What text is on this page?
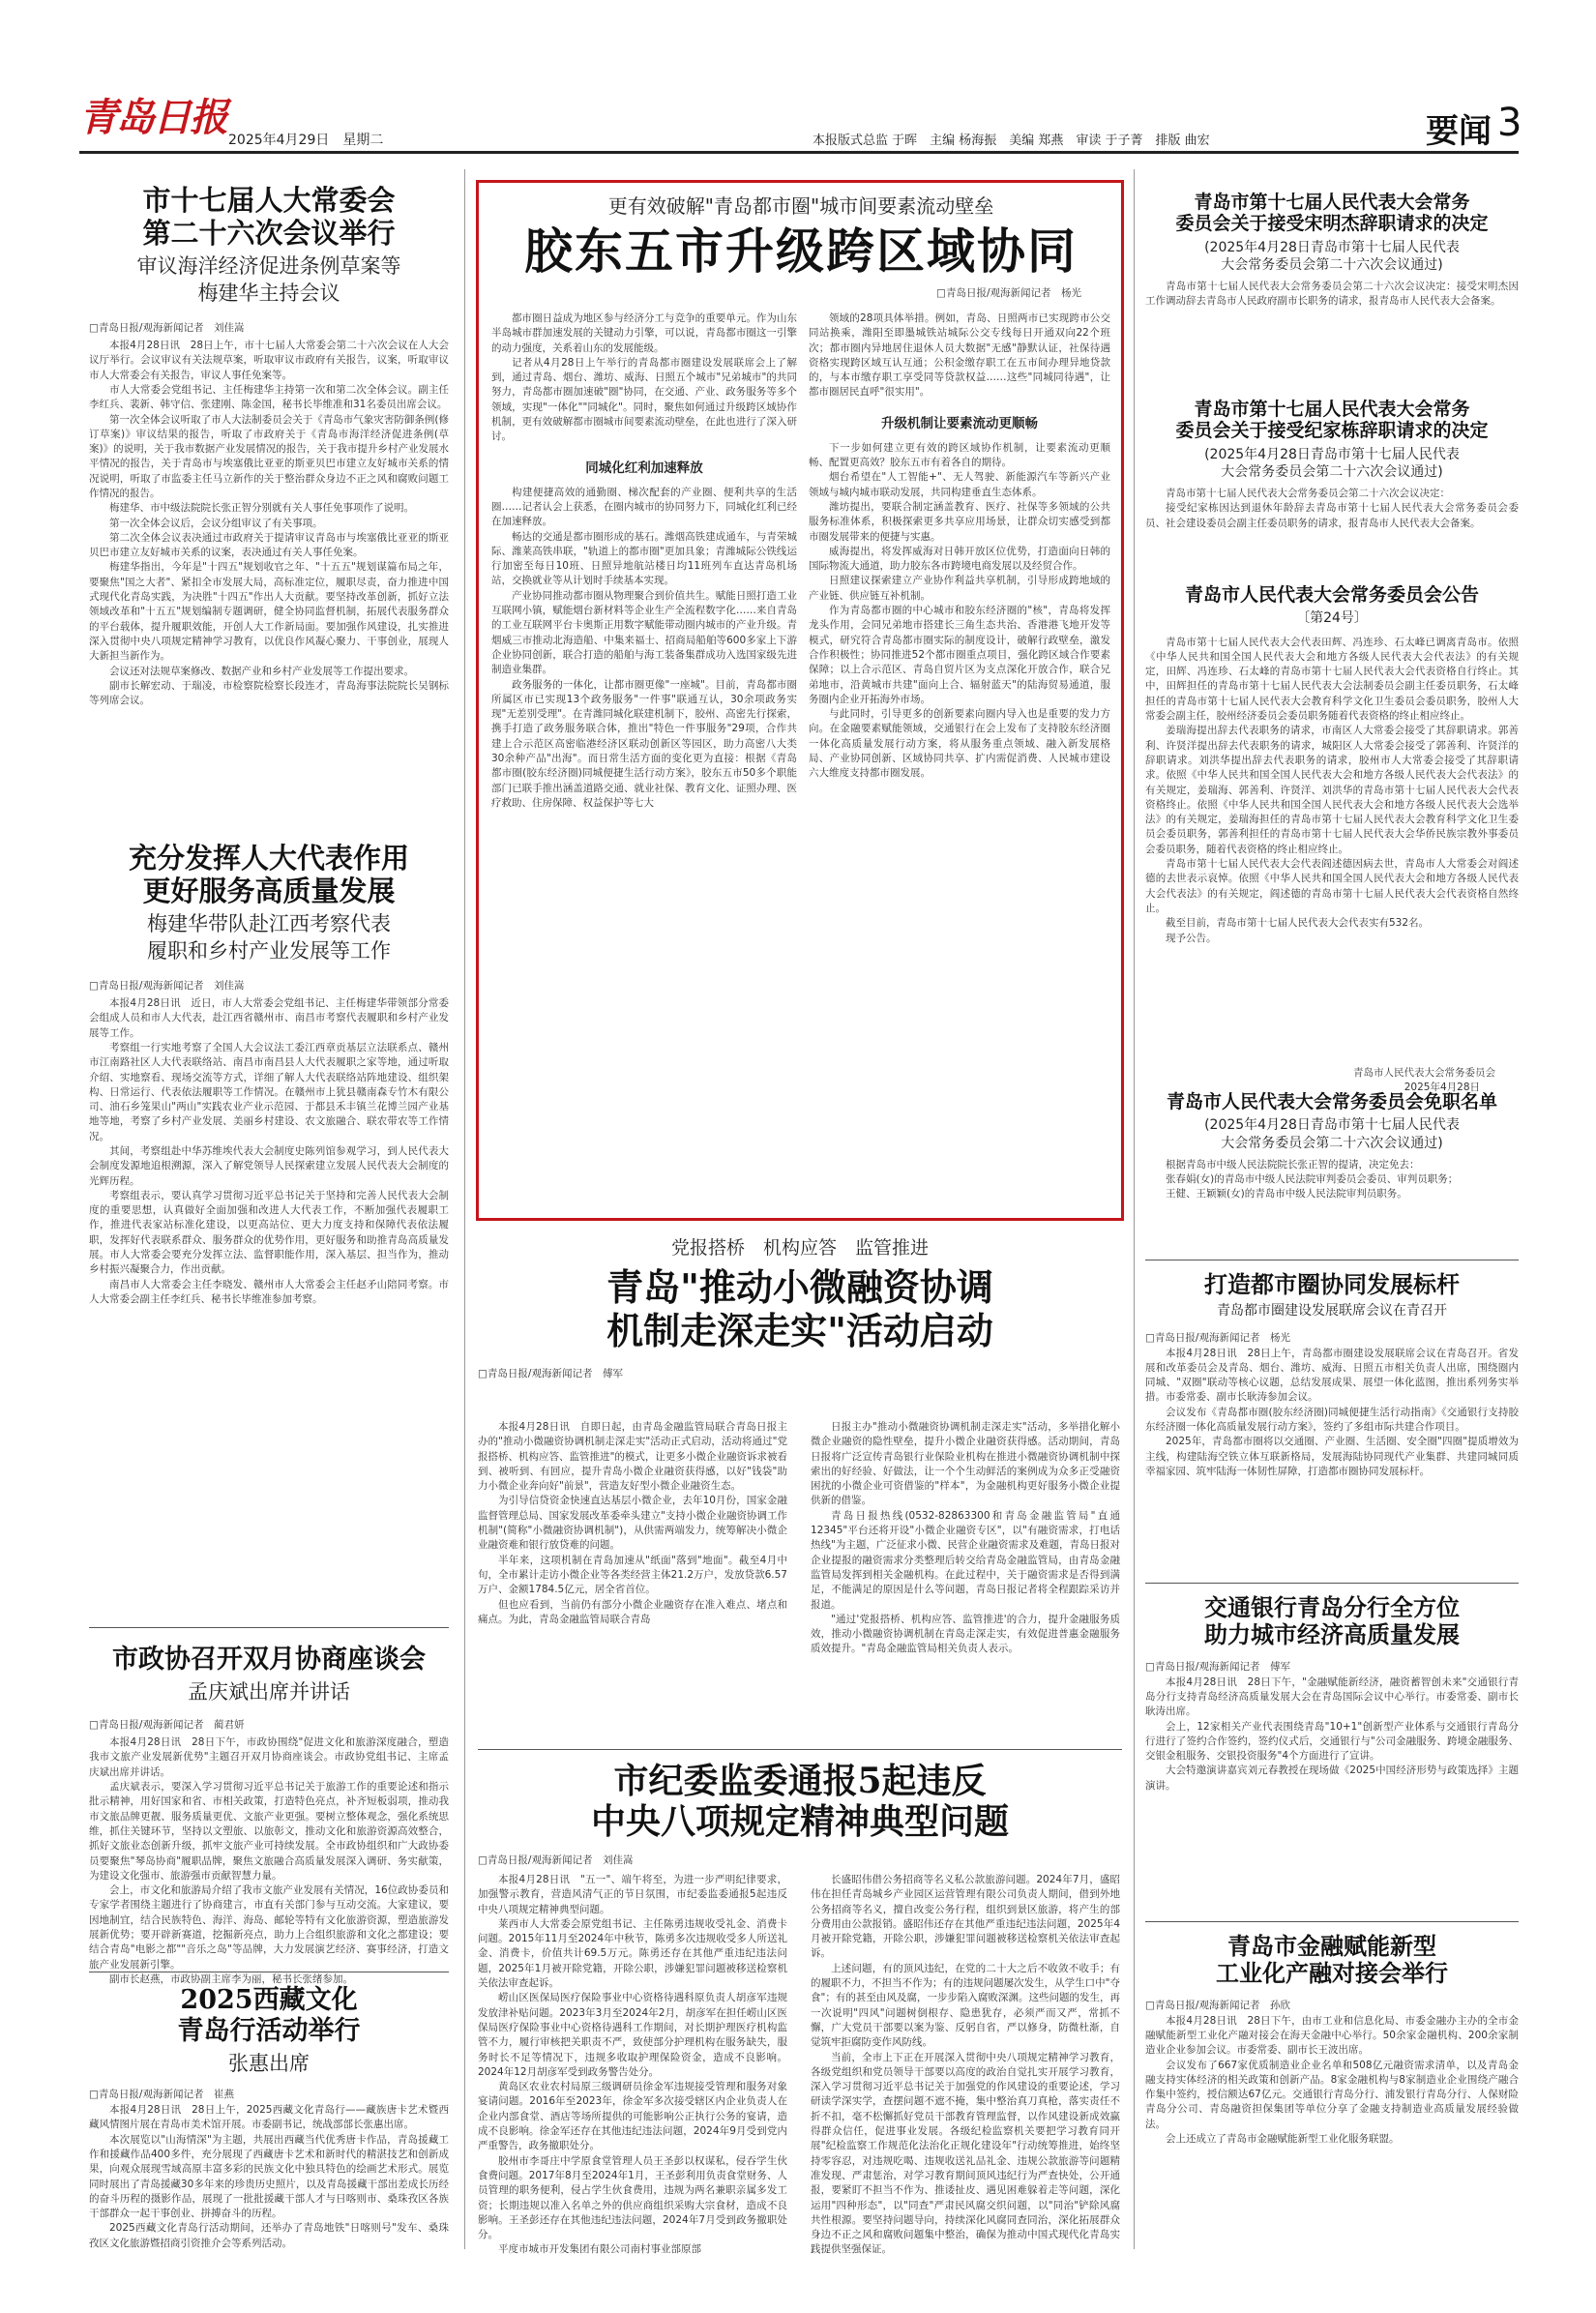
青岛日报 2025年4月29日　星期二	本报版式总监 于晖　主编 杨海振　美编 郑燕　审读 于子菁　排版 曲宏	要闻 3
市十七届人大常委会
第二十六次会议举行
审议海洋经济促进条例草案等
梅建华主持会议
□青岛日报/观海新闻记者　刘佳嵩

本报4月28日讯　28日上午，市十七届人大常委会第二十六次会议在人大会议厅举行。会议审议有关法规草案，听取审议市政府有关报告，议案，听取审议市人大常委会有关报告，审议人事任免案等。

市人大常委会党组书记、主任梅建华主持第一次和第二次全体会议。副主任李红兵、裴新、韩守信、张建刚、陈金国，秘书长毕维准和31名委员出席会议。

第一次全体会议听取了市人大法制委员会关于《青岛市气象灾害防御条例(修订草案)》审议结果的报告，听取了市政府关于《青岛市海洋经济促进条例(草案)》的说明，关于我市数据产业发展情况的报告，关于我市提升乡村产业发展水平情况的报告，关于青岛市与埃塞俄比亚亚的斯亚贝巴市建立友好城市关系的情况说明，听取了市监委主任马立新作的关于整治群众身边不正之风和腐败问题工作情况的报告。

梅建华、市中级法院院长张正智分别就有关人事任免事项作了说明。

第一次全体会议后，会议分组审议了有关事项。

第二次全体会议表决通过市政府关于提请审议青岛市与埃塞俄比亚亚的斯亚贝巴市建立友好城市关系的议案，表决通过有关人事任免案。

梅建华指出，今年是"十四五"规划收官之年、"十五五"规划谋篇布局之年，要聚焦"国之大者"、紧扣全市发展大局，高标准定位，履职尽责，奋力推进中国式现代化青岛实践，为决胜"十四五"作出人大贡献。要坚持改革创新，抓好立法领域改革和"十五五"规划编制专题调研，健全协同监督机制，拓展代表服务群众的平台载体，提升履职效能，开创人大工作新局面。要加强作风建设，扎实推进深入贯彻中央八项规定精神学习教育，以优良作风凝心聚力、干事创业，展现人大新担当新作为。

会议还对法规草案修改、数据产业和乡村产业发展等工作提出要求。

副市长解宏动、于瑞凌，市检察院检察长段连才，青岛海事法院院长吴钢标等列席会议。

充分发挥人大代表作用
更好服务高质量发展
梅建华带队赴江西考察代表
履职和乡村产业发展等工作
□青岛日报/观海新闻记者　刘佳嵩

本报4月28日讯　近日，市人大常委会党组书记、主任梅建华带领部分常委会组成人员和市人大代表，赴江西省赣州市、南昌市考察代表履职和乡村产业发展等工作。

考察组一行实地考察了全国人大会议法工委江西章贡基层立法联系点、赣州市江南路社区人大代表联络站、南昌市南昌县人大代表履职之家等地，通过听取介绍、实地察看、现场交流等方式，详细了解人大代表联络站阵地建设、组织架构、日常运行、代表依法履职等工作情况。在赣州市上犹县赣南森专竹木有限公司、油石乡笼果山"两山"实践农业产业示范园、于都县禾丰镇兰花博兰园产业基地等地，考察了乡村产业发展、美丽乡村建设、农文旅融合、联农带农等工作情况。

其间，考察组赴中华苏维埃代表大会制度史陈列馆参观学习，到人民代表大会制度发源地追根溯源，深入了解党领导人民探索建立发展人民代表大会制度的光辉历程。

考察组表示，要认真学习贯彻习近平总书记关于坚持和完善人民代表大会制度的重要思想，认真做好全面加强和改进人大代表工作，不断加强代表履职工作，推进代表家站标准化建设，以更高站位、更大力度支持和保障代表依法履职，发挥好代表联系群众、服务群众的优势作用，更好服务和助推青岛高质量发展。市人大常委会要充分发挥立法、监督职能作用，深入基层、担当作为，推动乡村振兴凝聚合力，作出贡献。

南昌市人大常委会主任李晓发、赣州市人大常委会主任赵矛山陪同考察。市人大常委会副主任李红兵、秘书长毕维准参加考察。

市政协召开双月协商座谈会
孟庆斌出席并讲话
□青岛日报/观海新闻记者　蔺君妍

本报4月28日讯　28日下午，市政协围绕"促进文化和旅游深度融合，塑造我市文旅产业发展新优势"主题召开双月协商座谈会。市政协党组书记、主席孟庆斌出席并讲话。

孟庆斌表示，要深入学习贯彻习近平总书记关于旅游工作的重要论述和指示批示精神，用好国家和省、市相关政策，打造特色亮点，补齐短板弱项，推动我市文旅品牌更靓、服务质量更优、文旅产业更强。要树立整体观念，强化系统思维，抓住关键环节，坚持以文塑旅、以旅彰文，推动文化和旅游资源高效整合，抓好文旅业态创新升级，抓牢文旅产业可持续发展。全市政协组织和广大政协委员要聚焦"琴岛协商"履职品牌，聚焦文旅融合高质量发展深入调研、务实献策，为建设文化强市、旅游强市贡献智慧力量。

会上，市文化和旅游局介绍了我市文旅产业发展有关情况，16位政协委员和专家学者围绕主题进行了协商建言，市直有关部门参与互动交流。大家建议，要因地制宜，结合民族特色、海洋、海岛、邮轮等特有文化旅游资源，塑造旅游发展新优势；要开辟新赛道，挖掘新亮点，助力上合组织旅游和文化之都建设；要结合青岛"电影之都""音乐之岛"等品牌，大力发展演艺经济、赛事经济，打造文旅产业发展新引擎。

副市长赵燕，市政协副主席李为丽，秘书长张绪参加。

2025西藏文化
青岛行活动举行
张惠出席
□青岛日报/观海新闻记者　崔燕

本报4月28日讯　28日上午，2025西藏文化青岛行——藏族唐卡艺术暨西藏风情图片展在青岛市美术馆开展。市委副书记，统战部部长张惠出席。

本次展览以"山海情深"为主题，共展出西藏当代优秀唐卡作品，青岛援藏工作和援藏作品400多件，充分展现了西藏唐卡艺术和新时代的精湛技艺和创新成果，向观众展现雪域高原丰富多彩的民族文化中独具特色的绘画艺术形式。展览同时展出了青岛援藏30多年来的珍贵历史照片，以及青岛援藏干部出差成长历经的奋斗历程的摄影作品，展现了一批批援藏干部人才与日喀则市、桑珠孜区各族干部群众一起干事创业、拼搏奋斗的历程。

2025西藏文化青岛行活动期间，还举办了青岛地铁"日喀则号"发车、桑珠孜区文化旅游暨招商引资推介会等系列活动。

更有效破解"青岛都市圈"城市间要素流动壁垒
胶东五市升级跨区域协同
□青岛日报/观海新闻记者　杨光

都市圈日益成为地区参与经济分工与竞争的重要单元。作为山东半岛城市群加速发展的关键动力引擎，可以说，青岛都市圈这一引擎的动力强度，关系着山东的发展能级。

记者从4月28日上午举行的青岛都市圈建设发展联席会上了解到，通过青岛、烟台、潍坊、威海、日照五个城市"兄弟城市"的共同努力，青岛都市圈加速破"圈"协同，在交通、产业、政务服务等多个领域，实现"一体化""同城化"。同时，聚焦如何通过升级跨区域协作机制，更有效破解都市圈城市间要素流动壁垒，在此也进行了深入研讨。

同城化红利加速释放

构建便捷高效的通勤圈、梯次配套的产业圈、便利共享的生活圈……记者认会上获悉，在圈内城市的协同努力下，同城化红利已经在加速释放。

畅达的交通是都市圈形成的基石。潍烟高铁建成通车，与青荣城际、潍莱高铁串联，"轨道上的都市圈"更加具象；青潍城际公铁线运行加密至每日10班、日照异地航站楼日均11班列车直达青岛机场站，交换就业等从计划时手续基本实现。

产业协同推动都市圈从物理聚合到价值共生。赋能日照打造工业互联网小镇，赋能烟台新材料等企业生产全流程数字化……来自青岛的工业互联网平台卡奥斯正用数字赋能带动圈内城市的产业升级。青烟威三市推动北海造船、中集来福士、招商局船舶等600多家上下游企业协同创新，联合打造的船舶与海工装备集群成功入选国家级先进制造业集群。

政务服务的一体化，让都市圈更像"一座城"。目前，青岛都市圈所属区市已实现13个政务服务"一件事"联通互认，30余项政务实现"无差别受理"。在青潍同城化联建机制下，胶州、高密先行探索，携手打造了政务服务联合体，推出"特色一件事服务"29项，合作共建上合示范区高密临港经济区联动创新区等园区，助力高密八大类30余种产品"出海"。而日常生活方面的变化更为直接：根据《青岛都市圈(胶东经济圈)同城便捷生活行动方案》，胶东五市50多个职能部门已联手推出涵盖道路交通、就业社保、教育文化、证照办理、医疗救助、住房保障、权益保护等七大

领域的28项具体举措。例如，青岛、日照两市已实现跨市公交同站换乘，潍阳至即墨城铁站城际公交专线每日开通双向22个班次；都市圈内异地居住退休人员大数据"无感"静默认证，社保待遇资格实现跨区域互认互通；公积金缴存职工在五市间办理异地贷款的，与本市缴存职工享受同等贷款权益……这些"同城同待遇"，让都市圈居民直呼"很实用"。

升级机制让要素流动更顺畅

下一步如何建立更有效的跨区域协作机制，让要素流动更顺畅、配置更高效？胶东五市有着各自的期待。

烟台希望在"人工智能+"、无人驾驶、新能源汽车等新兴产业领域与城内城市联动发展，共同构建垂直生态体系。

潍坊提出，要联合制定涵盖教育、医疗、社保等多领域的公共服务标准体系，积极探索更多共享应用场景，让群众切实感受到都市圈发展带来的便捷与实惠。

威海提出，将发挥威海对日韩开放区位优势，打造面向日韩的国际物流大通道，助力胶东各市跨境电商发展以及经贸合作。

日照建议探索建立产业协作利益共享机制，引导形成跨地域的产业链、供应链互补机制。

作为青岛都市圈的中心城市和胶东经济圈的"核"，青岛将发挥龙头作用，会同兄弟地市搭建长三角生态共治、香港港飞地开发等模式，研究符合青岛都市圈实际的制度设计，破解行政壁垒，激发合作积极性；协同推进52个都市圈重点项目，强化跨区域合作要素保障；以上合示范区、青岛自贸片区为支点深化开放合作，联合兄弟地市，沿黄城市共建"面向上合、辐射蓝天"的陆海贸易通道，服务圈内企业开拓海外市场。

与此同时，引导更多的创新要素向圈内导入也是重要的发力方向。在金融要素赋能领域，交通银行在会上发布了支持胶东经济圈一体化高质量发展行动方案，将从服务重点领域、融入新发展格局、产业协同创新、区域协同共享、扩内需促消费、人民城市建设六大维度支持都市圈发展。

党报搭桥　机构应答　监管推进
青岛"推动小微融资协调
机制走深走实"活动启动
□青岛日报/观海新闻记者　傅军

本报4月28日讯　自即日起，由青岛金融监管局联合青岛日报主办的"推动小微融资协调机制走深走实"活动正式启动，活动将通过"党报搭桥、机构应答、监管推进"的模式，让更多小微企业融资诉求被看到、被听到、有回应，提升青岛小微企业融资获得感，以好"钱袋"助力小微企业奔向好"前景"，营造友好型小微企业融资生态。

为引导信贷资金快速直达基层小微企业，去年10月份，国家金融监督管理总局、国家发展改革委牵头建立"支持小微企业融资协调工作机制"(简称"小微融资协调机制")，从供需两端发力，统筹解决小微企业融资难和银行放贷难的问题。

半年来，这项机制在青岛加速从"纸面"落到"地面"。截至4月中旬，全市累计走访小微企业等各类经营主体21.2万户，发放贷款6.57万户、金额1784.5亿元，居全省首位。

但也应看到，当前仍有部分小微企业融资存在准入难点、堵点和痛点。为此，青岛金融监管局联合青岛

日报主办"推动小微融资协调机制走深走实"活动，多举措化解小微企业融资的隐性壁垒，提升小微企业融资获得感。活动期间，青岛日报将广泛宣传青岛银行业保险业机构在推进小微融资协调机制中探索出的好经验、好做法，让一个个生动鲜活的案例成为众多正受融资困扰的小微企业可资借鉴的"样本"，为金融机构更好服务小微企业提供新的借鉴。

青岛日报热线(0532-82863300和青岛金融监管局"直通12345"平台还将开设"小微企业融资专区"，以"有融资需求，打电话热线"为主题，广泛征求小微、民营企业融资需求及难题，青岛日报对企业提报的融资需求分类整理后转交给青岛金融监管局，由青岛金融监管局发挥到相关金融机构。在此过程中，关于融资需求是否得到满足，不能满足的原因是什么等问题，青岛日报记者将全程跟踪采访并报道。

"通过'党报搭桥、机构应答、监管推进'的合力，提升金融服务质效，推动小微融资协调机制在青岛走深走实，有效促进普惠金融服务质效提升。"青岛金融监管局相关负责人表示。

市纪委监委通报5起违反
中央八项规定精神典型问题
□青岛日报/观海新闻记者　刘佳嵩

本报4月28日讯　"五一"、端午将至，为进一步严明纪律要求，加强警示教育，营造风清气正的节日氛围，市纪委监委通报5起违反中央八项规定精神典型问题。

莱西市人大常委会原党组书记、主任陈勇违规收受礼金、消费卡问题。2015年11月至2024年中秋节，陈勇多次违规收受多人所送礼金、消费卡，价值共计69.5万元。陈勇还存在其他严重违纪违法问题，2025年1月被开除党籍，开除公职，涉嫌犯罪问题被移送检察机关依法审查起诉。

崂山区医保局医疗保险事业中心资格待遇科原负责人胡彦军违规发放津补贴问题。2023年3月至2024年2月，胡彦军在担任崂山区医保局医疗保险事业中心资格待遇科工作期间，对长期护理医疗机构监管不力，履行审核把关职责不严，致使部分护理机构在服务缺失，服务时长不足等情况下，违规多收取护理保险资金，造成不良影响。2024年12月胡彦军受到政务警告处分。

黄岛区农业农村局原三级调研员徐金军违规接受管理和服务对象宴请问题。2016年至2023年，徐金军多次接受辖区内企业负责人在企业内部食堂、酒店等场所提供的可能影响公正执行公务的宴请，造成不良影响。徐金军还存在其他违纪违法问题，2024年9月受到党内严重警告，政务撤职处分。

胶州市李哥庄中学原食堂管理人员王圣彭以权谋私，侵吞学生伙食费问题。2017年8月至2024年1月，王圣彭利用负责食堂财务、人员管理的职务便利，侵占学生伙食费用，违规为两名兼职亲属多发工资；长期违规以准入名单之外的供应商组织采购大宗食材，造成不良影响。王圣彭还存在其他违纪违法问题，2024年7月受到政务撤职处分。

平度市城市开发集团有限公司南村事业部原部

长盛昭伟借公务招商等名义私公款旅游问题。2024年7月，盛昭伟在担任青岛城乡产业园区运营管理有限公司负责人期间，借到外地公务招商等名义，擅自改变公务行程，组织到景区旅游，将产生的部分费用由公款报销。盛昭伟还存在其他严重违纪违法问题，2025年4月被开除党籍，开除公职，涉嫌犯罪问题被移送检察机关依法审查起诉。

上述问题，有的顶风违纪，在党的二十大之后不收敛不收手；有的履职不力，不担当不作为；有的违规问题屡次发生，从学生口中"夺食"；有的甚至由风及腐，一步步陷入腐败深渊。这些问题的发生，再一次说明"四风"问题树倒根存、隐患犹存，必须严而又严，常抓不懈，广大党员干部要以案为鉴、反躬自省，严以修身，防微杜渐，自觉筑牢拒腐防变作风防线。

当前，全市上下正在开展深入贯彻中央八项规定精神学习教育，各级党组织和党员领导干部要以高度的政治自觉扎实开展学习教育，深入学习贯彻习近平总书记关于加强党的作风建设的重要论述，学习研读学深实学，查摆问题不遮不掩，集中整治真刀真枪，落实责任不折不扣，毫不松懈抓好党员干部教育管理监督，以作风建设新成效赢得群众信任，促进事业发展。各级纪检监察机关要把学习教育同开展"纪检监察工作规范化法治化正规化建设年"行动统筹推进，始终坚持零容忍，对违规吃喝、违规收送礼品礼金、违规公款旅游等问题精准发现、严肃惩治，对学习教育期间顶风违纪行为严查快处，公开通报，要紧盯不担当不作为、推诿扯皮、遇见困难躲着走等问题，深化运用"四种形态"，以"同查"严肃民风腐交织问题，以"同治"铲除风腐共性根源。要坚持问题导向，持续深化风腐同查同治，深化拓展群众身边不正之风和腐败问题集中整治，确保为推动中国式现代化青岛实践提供坚强保证。

青岛市第十七届人民代表大会常务
委员会关于接受宋明杰辞职请求的决定
(2025年4月28日青岛市第十七届人民代表
大会常务委员会第二十六次会议通过)

青岛市第十七届人民代表大会常务委员会第二十六次会议决定：接受宋明杰因工作调动辞去青岛市人民政府副市长职务的请求，报青岛市人民代表大会备案。

青岛市第十七届人民代表大会常务
委员会关于接受纪家栋辞职请求的决定
(2025年4月28日青岛市第十七届人民代表
大会常务委员会第二十六次会议通过)

青岛市第十七届人民代表大会常务委员会第二十六次会议决定：

接受纪家栋因达到退休年龄辞去青岛市第十七届人民代表大会常务委员会委员、社会建设委员会副主任委员职务的请求，报青岛市人民代表大会备案。

青岛市人民代表大会常务委员会公告
〔第24号〕

青岛市第十七届人民代表大会代表田辉、冯连珍、石太峰已调离青岛市。依照《中华人民共和国全国人民代表大会和地方各级人民代表大会代表法》的有关规定，田辉、冯连珍、石太峰的青岛市第十七届人民代表大会代表资格自行终止。其中，田辉担任的青岛市第十七届人民代表大会法制委员会副主任委员职务，石太峰担任的青岛市第十七届人民代表大会教育科学文化卫生委员会委员职务，胶州人大常委会副主任，胶州经济委员会委员职务随着代表资格的终止相应终止。

姜瑞海提出辞去代表职务的请求，市南区人大常委会接受了其辞职请求。郭善利、许贤洋提出辞去代表职务的请求，城阳区人大常委会接受了郭善利、许贤洋的辞职请求。刘洪华提出辞去代表职务的请求，胶州市人大常委会接受了其辞职请求。依照《中华人民共和国全国人民代表大会和地方各级人民代表大会代表法》的有关规定，姜瑞海、郭善利、许贤洋、刘洪华的青岛市第十七届人民代表大会代表资格终止。依照《中华人民共和国全国人民代表大会和地方各级人民代表大会选举法》的有关规定，姜瑞海担任的青岛市第十七届人民代表大会教育科学文化卫生委员会委员职务，郭善利担任的青岛市第十七届人民代表大会华侨民族宗教外事委员会委员职务，随着代表资格的终止相应终止。

青岛市第十七届人民代表大会代表阎述德因病去世，青岛市人大常委会对阎述德的去世表示哀悼。依照《中华人民共和国全国人民代表大会和地方各级人民代表大会代表法》的有关规定，阎述德的青岛市第十七届人民代表大会代表资格自然终止。

截至目前，青岛市第十七届人民代表大会代表实有532名。

现予公告。

青岛市人民代表大会常务委员会
2025年4月28日
青岛市人民代表大会常务委员会免职名单
(2025年4月28日青岛市第十七届人民代表
大会常务委员会第二十六次会议通过)

根据青岛市中级人民法院院长张正智的提请，决定免去：

张春娟(女)的青岛市中级人民法院审判委员会委员、审判员职务；

王健、王颖颖(女)的青岛市中级人民法院审判员职务。

打造都市圈协同发展标杆
青岛都市圈建设发展联席会议在青召开
□青岛日报/观海新闻记者　杨光

本报4月28日讯　28日上午，青岛都市圈建设发展联席会议在青岛召开。省发展和改革委员会及青岛、烟台、潍坊、威海、日照五市相关负责人出席，围绕圈内同城、"双圈"联动等核心议题，总结发展成果、展望一体化蓝图，推出系列务实举措。市委常委、副市长耿涛参加会议。

会议发布《青岛都市圈(胶东经济圈)同城便捷生活行动指南》《交通银行支持胶东经济圈一体化高质量发展行动方案》，签约了多组市际共建合作项目。

2025年，青岛都市圈将以交通圈、产业圈、生活圈、安全圈"四圈"提质增效为主线，构建陆海空铁立体互联新格局，发展海陆协同现代产业集群、共建同城同质幸福家园、筑牢陆海一体韧性屏障，打造都市圈协同发展标杆。

交通银行青岛分行全方位
助力城市经济高质量发展
□青岛日报/观海新闻记者　傅军

本报4月28日讯　28日下午，"金融赋能新经济，融资蓄智创未来"交通银行青岛分行支持青岛经济高质量发展大会在青岛国际会议中心举行。市委常委、副市长耿涛出席。

会上，12家相关产业代表围绕青岛"10+1"创新型产业体系与交通银行青岛分行进行了签约合作签约，签约仪式后，交通银行与"公司金融服务、跨境金融服务、交银金租服务、交银投资服务"4个方面进行了宣讲。

大会特邀演讲嘉宾刘元春教授在现场做《2025中国经济形势与政策选择》主题演讲。

青岛市金融赋能新型
工业化产融对接会举行
□青岛日报/观海新闻记者　孙欣

本报4月28日讯　28日下午，由市工业和信息化局、市委金融办主办的全市金融赋能新型工业化产融对接会在海天金融中心举行。50余家金融机构、200余家制造业企业参加会议。市委常委、副市长王波出席。

会议发布了667家优质制造业企业名单和508亿元融资需求清单，以及青岛金融支持实体经济的相关政策和创新产品。8家金融机构与8家制造业企业围绕产融合作集中签约，授信额达67亿元。交通银行青岛分行、浦发银行青岛分行、人保财险青岛分公司、青岛融资担保集团等单位分享了金融支持制造业高质量发展经验做法。

会上还成立了青岛市金融赋能新型工业化服务联盟。
